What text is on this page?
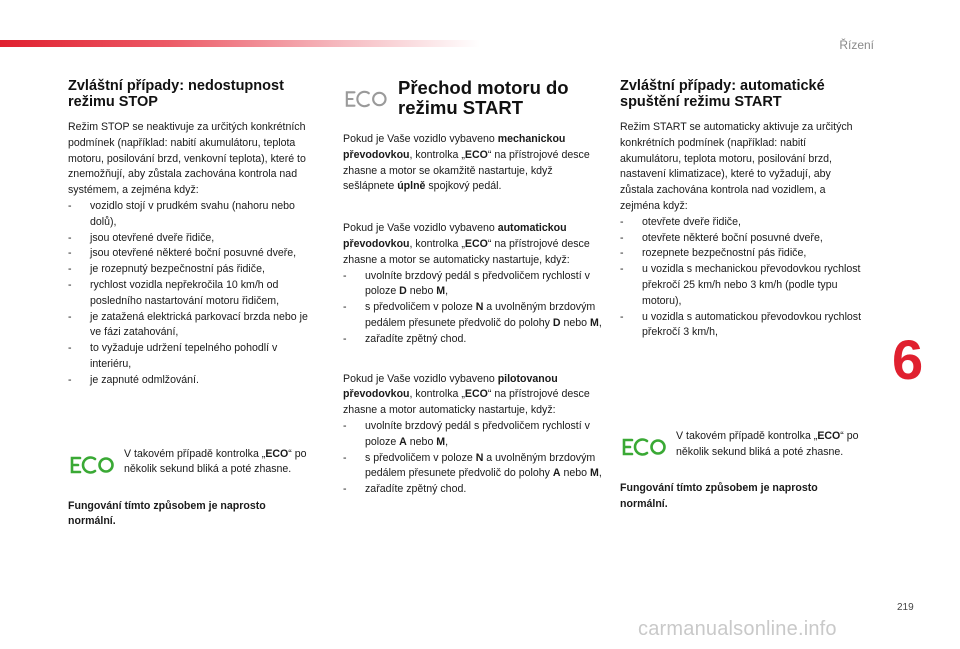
Řízení
Zvláštní případy: nedostupnost režimu STOP

Režim STOP se neaktivuje za určitých konkrétních podmínek (například: nabití akumulátoru, teplota motoru, posilování brzd, venkovní teplota), které to znemožňují, aby zůstala zachována kontrola nad systémem, a zejména když:

- vozidlo stojí v prudkém svahu (nahoru nebo dolů),
- jsou otevřené dveře řidiče,
- jsou otevřené některé boční posuvné dveře,
- je rozepnutý bezpečnostní pás řidiče,
- rychlost vozidla nepřekročila 10 km/h od posledního nastartování motoru řidičem,
- je zatažená elektrická parkovací brzda nebo je ve fázi zatahování,
- to vyžaduje udržení tepelného pohodlí v interiéru,
- je zapnuté odmlžování.

V takovém případě kontrolka „ECO“ po několik sekund bliká a poté zhasne.

Fungování tímto způsobem je naprosto normální.

Přechod motoru do režimu START

Pokud je Vaše vozidlo vybaveno mechanickou převodovkou, kontrolka „ECO“ na přístrojové desce zhasne a motor se okamžitě nastartuje, když sešlápnete úplně spojkový pedál.

Pokud je Vaše vozidlo vybaveno automatickou převodovkou, kontrolka „ECO“ na přístrojové desce zhasne a motor se automaticky nastartuje, když:

- uvolníte brzdový pedál s předvoličem rychlostí v poloze D nebo M,
- s předvoličem v poloze N a uvolněným brzdovým pedálem přesunete předvolič do polohy D nebo M,
- zařadíte zpětný chod.

Pokud je Vaše vozidlo vybaveno pilotovanou převodovkou, kontrolka „ECO“ na přístrojové desce zhasne a motor automaticky nastartuje, když:

- uvolníte brzdový pedál s předvoličem rychlostí v poloze A nebo M,
- s předvoličem v poloze N a uvolněným brzdovým pedálem přesunete předvolič do polohy A nebo M,
- zařadíte zpětný chod.
Zvláštní případy: automatické spuštění režimu START

Režim START se automaticky aktivuje za určitých konkrétních podmínek (například: nabití akumulátoru, teplota motoru, posilování brzd, nastavení klimatizace), které to vyžadují, aby zůstala zachována kontrola nad vozidlem, a zejména když:

- otevřete dveře řidiče,
- otevřete některé boční posuvné dveře,
- rozepnete bezpečnostní pás řidiče,
- u vozidla s mechanickou převodovkou rychlost překročí 25 km/h nebo 3 km/h (podle typu motoru),
- u vozidla s automatickou převodovkou rychlost překročí 3 km/h,

V takovém případě kontrolka „ECO“ po několik sekund bliká a poté zhasne.

Fungování tímto způsobem je naprosto normální.

6
219
carmanualsonline.info
